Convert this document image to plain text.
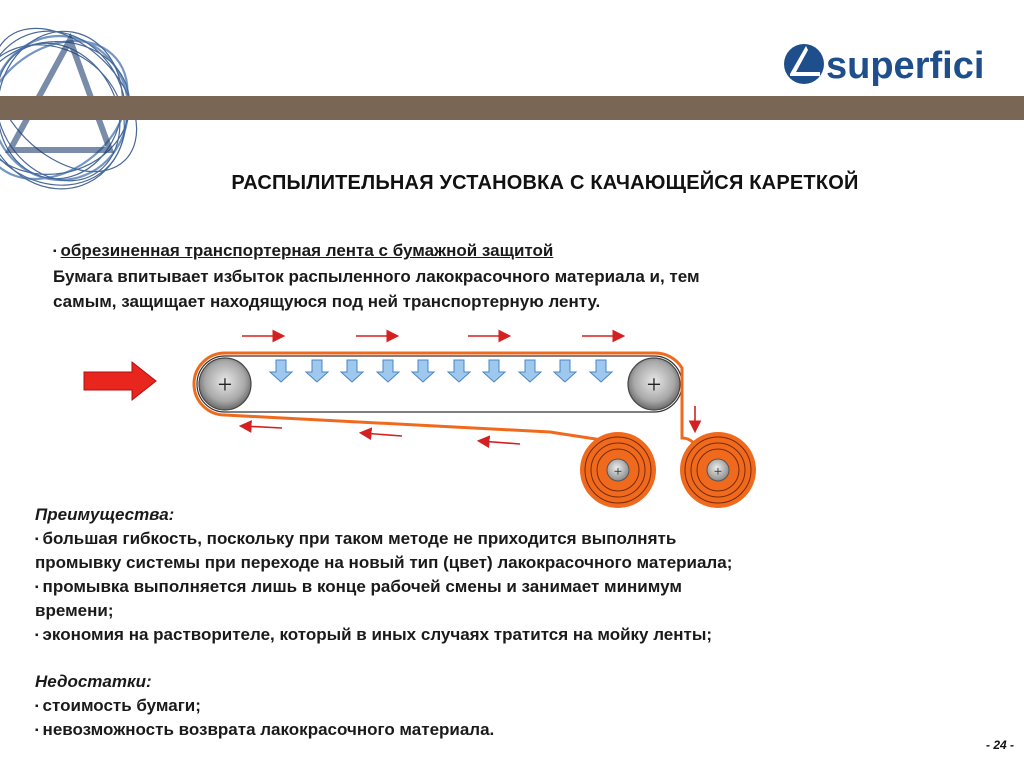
superfici
РАСПЫЛИТЕЛЬНАЯ УСТАНОВКА С КАЧАЮЩЕЙСЯ КАРЕТКОЙ
▪ обрезиненная транспортерная лента с бумажной защитой
Бумага впитывает избыток распыленного лакокрасочного материала и, тем
самым, защищает находящуюся под ней транспортерную ленту.
+	+
+	+
Преимущества:
▪ большая гибкость, поскольку при таком методе не приходится выполнять
промывку системы при переходе на новый тип (цвет) лакокрасочного материала;
▪ промывка выполняется лишь в конце рабочей смены и занимает минимум
времени;
▪ экономия на растворителе, который в иных случаях тратится на мойку ленты;
Недостатки:
▪ стоимость бумаги;
▪ невозможность возврата лакокрасочного материала.
- 24 -
